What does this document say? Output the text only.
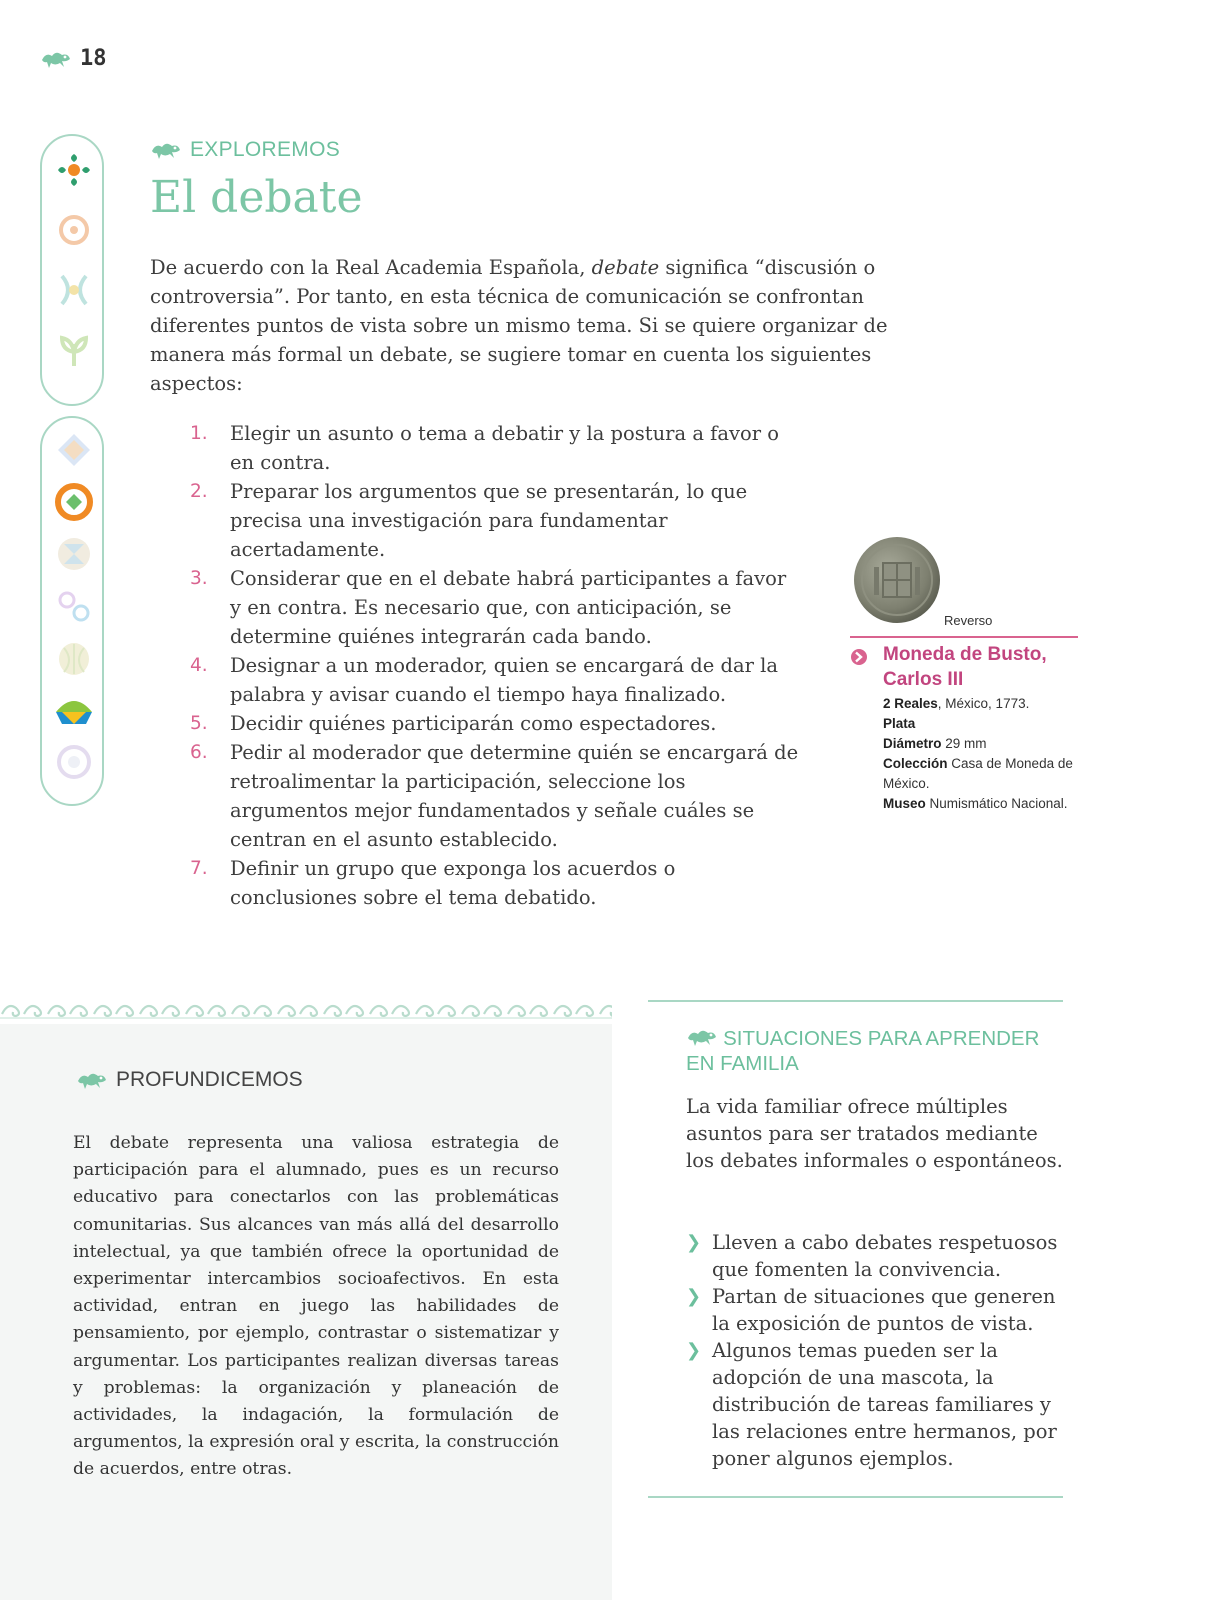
18
EXPLOREMOS
El debate

De acuerdo con la Real Academia Española, debate significa “discusión o controversia”. Por tanto, en esta técnica de comunicación se confrontan diferentes puntos de vista sobre un mismo tema. Si se quiere organizar de manera más formal un debate, se sugiere tomar en cuenta los siguientes aspectos:

1.	Elegir un asunto o tema a debatir y la postura a favor o en contra.
2.	Preparar los argumentos que se presentarán, lo que precisa una investigación para fundamentar acertadamente.
3.	Considerar que en el debate habrá participantes a favor y en contra. Es necesario que, con anticipación, se determine quiénes integrarán cada bando.
4.	Designar a un moderador, quien se encargará de dar la palabra y avisar cuando el tiempo haya finalizado.
5.	Decidir quiénes participarán como espectadores.
6.	Pedir al moderador que determine quién se encargará de retroalimentar la participación, seleccione los argumentos mejor fundamentados y señale cuáles se centran en el asunto establecido.
7.	Definir un grupo que exponga los acuerdos o conclusiones sobre el tema debatido.
Reverso

Moneda de Busto, Carlos III

2 Reales, México, 1773.
Plata
Diámetro 29 mm
Colección Casa de Moneda de México.
Museo Numismático Nacional.
PROFUNDICEMOS

El debate representa una valiosa estrategia de participación para el alumnado, pues es un recurso educativo para conectarlos con las problemáticas comunitarias. Sus alcances van más allá del desarrollo intelectual, ya que también ofrece la oportunidad de experimentar intercambios socioafectivos. En esta actividad, entran en juego las habilidades de pensamiento, por ejemplo, contrastar o sistematizar y argumentar. Los participantes realizan diversas tareas y problemas: la organización y planeación de actividades, la indagación, la formulación de argumentos, la expresión oral y escrita, la construcción de acuerdos, entre otras.

SITUACIONES PARA APRENDER EN FAMILIA

La vida familiar ofrece múltiples asuntos para ser tratados mediante los debates informales o espontáneos.

❯ Lleven a cabo debates respetuosos que fomenten la convivencia.
❯ Partan de situaciones que generen la exposición de puntos de vista.
❯ Algunos temas pueden ser la adopción de una mascota, la distribución de tareas familiares y las relaciones entre hermanos, por poner algunos ejemplos.
